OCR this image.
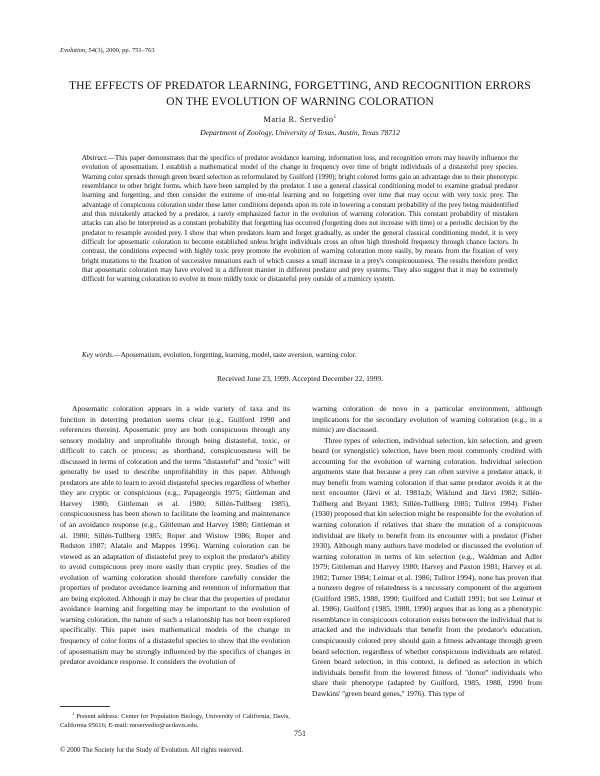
Evolution, 54(3), 2000, pp. 751–763
THE EFFECTS OF PREDATOR LEARNING, FORGETTING, AND RECOGNITION ERRORS ON THE EVOLUTION OF WARNING COLORATION
Maria R. Servedio$^1$
Department of Zoology, University of Texas, Austin, Texas 78712

Abstract.—This paper demonstrates that the specifics of predator avoidance learning, information loss, and recognition errors may heavily influence the evolution of aposematism. I establish a mathematical model of the change in frequency over time of bright individuals of a distasteful prey species. Warning color spreads through green beard selection as reformulated by Guilford (1990); bright colored forms gain an advantage due to their phenotypic resemblance to other bright forms, which have been sampled by the predator. I use a general classical conditioning model to examine gradual predator learning and forgetting, and then consider the extreme of one-trial learning and no forgetting over time that may occur with very toxic prey. The advantage of conspicuous coloration under these latter conditions depends upon its role in lowering a constant probability of the prey being misidentified and thus mistakenly attacked by a predator, a rarely emphasized factor in the evolution of warning coloration. This constant probability of mistaken attacks can also be interpreted as a constant probability that forgetting has occurred (forgetting does not increase with time) or a periodic decision by the predator to resample avoided prey. I show that when predators learn and forget gradually, as under the general classical conditioning model, it is very difficult for aposematic coloration to become established unless bright individuals cross an often high threshold frequency through chance factors. In contrast, the conditions expected with highly toxic prey promote the evolution of warning coloration more easily, by means from the fixation of very bright mutations to the fixation of successive mutations each of which causes a small increase in a prey's conspicuousness. The results therefore predict that aposematic coloration may have evolved in a different manner in different predator and prey systems. They also suggest that it may be extremely difficult for warning coloration to evolve in more mildly toxic or distasteful prey outside of a mimicry system.

Key words.—Aposematism, evolution, forgetting, learning, model, taste aversion, warning color.

Received June 23, 1999. Accepted December 22, 1999.

Aposematic coloration appears in a wide variety of taxa and its function in deterring predation seems clear (e.g., Guilford 1990 and references therein). Aposematic prey are both conspicuous through any sensory modality and unprofitable through being distasteful, toxic, or difficult to catch or process; as shorthand, conspicuousness will be discussed in terms of coloration and the terms ''distasteful'' and ''toxic'' will generally be used to describe unprofitability in this paper. Although predators are able to learn to avoid distasteful species regardless of whether they are cryptic or conspicuous (e.g., Papageorgis 1975; Gittleman and Harvey 1980; Gittleman et al. 1980; Sillén-Tullberg 1985), conspicuousness has been shown to facilitate the learning and maintenance of an avoidance response (e.g., Gittleman and Harvey 1980; Gittleman et al. 1980; Sillén-Tullberg 1985; Roper and Wistow 1986; Roper and Redston 1987; Alatalo and Mappes 1996). Warning coloration can be viewed as an adaptation of distasteful prey to exploit the predator's ability to avoid conspicuous prey more easily than cryptic prey. Studies of the evolution of warning coloration should therefore carefully consider the properties of predator avoidance learning and retention of information that are being exploited. Although it may be clear that the properties of predator avoidance learning and forgetting may be important to the evolution of warning coloration, the nature of such a relationship has not been explored specifically. This paper uses mathematical models of the change in frequency of color forms of a distasteful species to show that the evolution of aposematism may be strongly influenced by the specifics of changes in predator avoidance response. It considers the evolution of

warning coloration de novo in a particular environment, although implications for the secondary evolution of warning coloration (e.g., in a mimic) are discussed.

Three types of selection, individual selection, kin selection, and green beard (or synergistic) selection, have been most commonly credited with accounting for the evolution of warning coloration. Individual selection arguments state that because a prey can often survive a predator attack, it may benefit from warning coloration if that same predator avoids it at the next encounter (Järvi et al. 1981a,b; Wiklund and Järvi 1982; Sillén-Tullberg and Bryant 1983; Sillén-Tullberg 1985; Tullrot 1994). Fisher (1930) proposed that kin selection might be responsible for the evolution of warning coloration if relatives that share the mutation of a conspicuous individual are likely to benefit from its encounter with a predator (Fisher 1930). Although many authors have modeled or discussed the evolution of warning coloration in terms of kin selection (e.g., Waldman and Adler 1979; Gittleman and Harvey 1980; Harvey and Paxton 1981; Harvey et al. 1982; Turner 1984; Leimar et al. 1986; Tullrot 1994), none has proven that a nonzero degree of relatedness is a necessary component of the argument (Guilford 1985, 1988, 1990; Guilford and Cuthill 1991; but see Leimar et al. 1986). Guilford (1985, 1988, 1990) argues that as long as a phenotypic resemblance in conspicuous coloration exists between the individual that is attacked and the individuals that benefit from the predator's education, conspicuously colored prey should gain a fitness advantage through green beard selection, regardless of whether conspicuous individuals are related. Green beard selection, in this context, is defined as selection in which individuals benefit from the lowered fitness of ''donor'' individuals who share their phenotype (adapted by Guilford, 1985, 1988, 1990 from Dawkins' ''green beard genes,'' 1976). This type of

$^1$ Present address: Center for Population Biology, University of California, Davis, California 95616; E-mail: mrservedio@ucdavis.edu.

751
© 2000 The Society for the Study of Evolution. All rights reserved.
